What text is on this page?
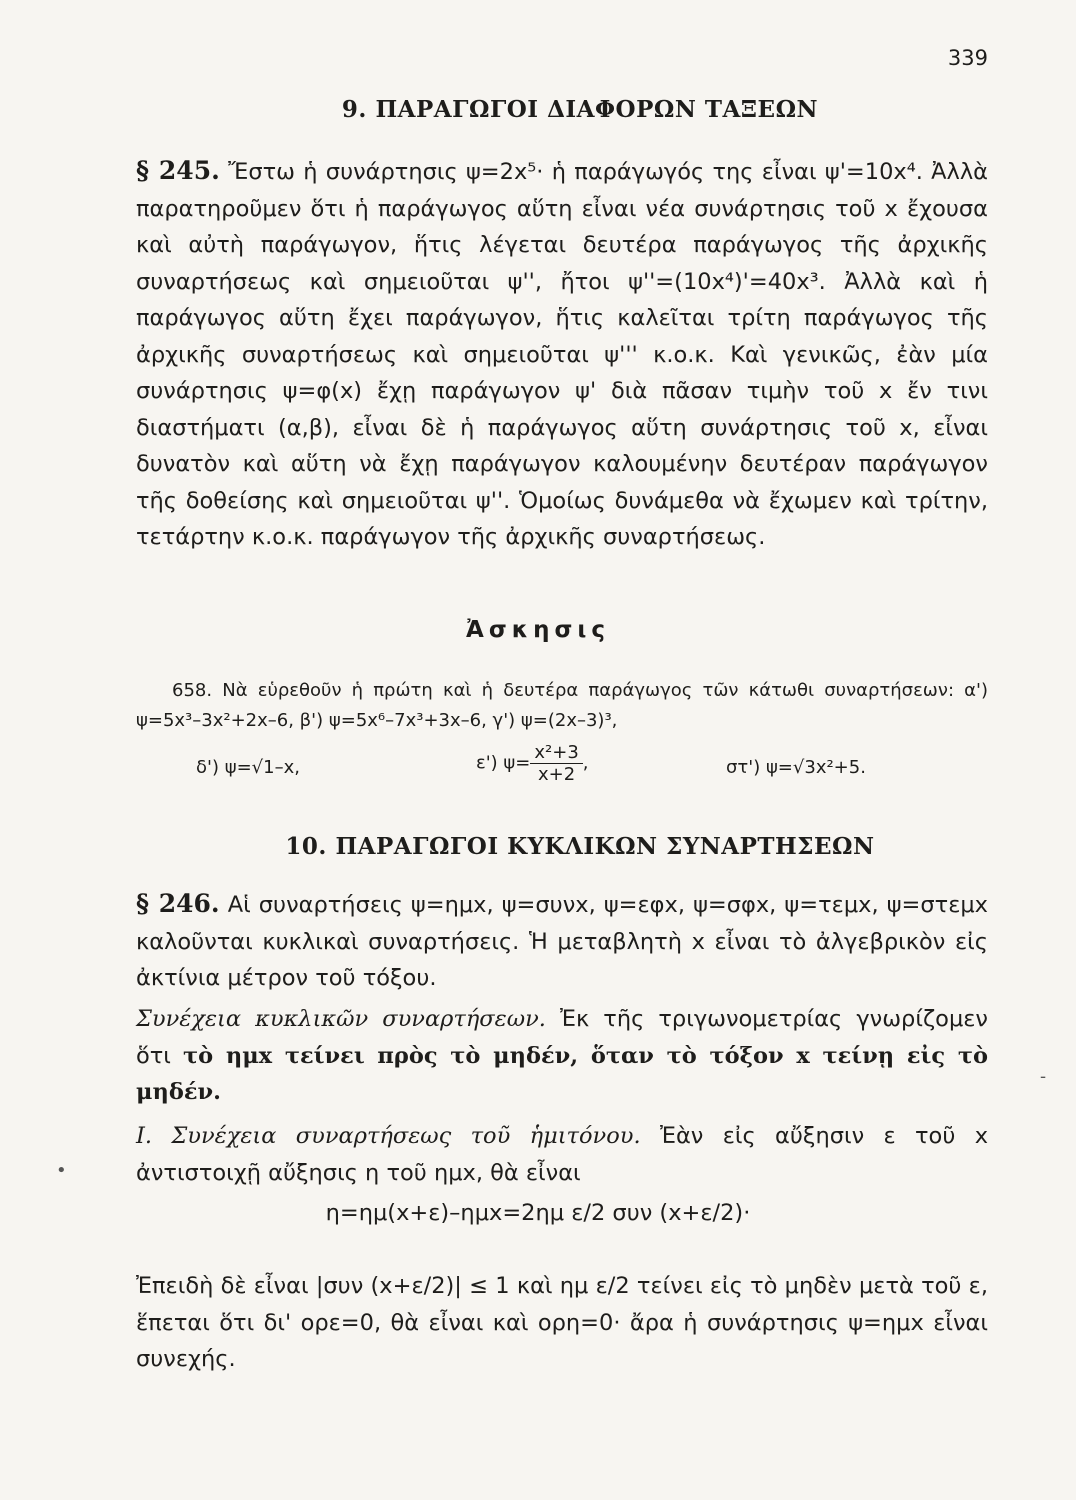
339
9. ΠΑΡΑΓΩΓΟΙ ΔΙΑΦΟΡΩΝ ΤΑΞΕΩΝ

§ 245. Ἔστω ἡ συνάρτησις ψ=2x⁵· ἡ παράγωγός της εἶναι ψ'=10x⁴. Ἀλλὰ παρατηροῦμεν ὅτι ἡ παράγωγος αὕτη εἶναι νέα συνάρτησις τοῦ x ἔχουσα καὶ αὐτὴ παράγωγον, ἥτις λέγεται δευτέρα παράγωγος τῆς ἀρχικῆς συναρτήσεως καὶ σημειοῦται ψ'', ἤτοι ψ''=(10x⁴)'=40x³. Ἀλλὰ καὶ ἡ παράγωγος αὕτη ἔχει παράγωγον, ἥτις καλεῖται τρίτη παράγωγος τῆς ἀρχικῆς συναρτήσεως καὶ σημειοῦται ψ''' κ.ο.κ. Καὶ γενικῶς, ἐὰν μία συνάρτησις ψ=φ(x) ἔχῃ παράγωγον ψ' διὰ πᾶσαν τιμὴν τοῦ x ἔν τινι διαστήματι (α,β), εἶναι δὲ ἡ παράγωγος αὕτη συνάρτησις τοῦ x, εἶναι δυνατὸν καὶ αὕτη νὰ ἔχῃ παράγωγον καλουμένην δευτέραν παράγωγον τῆς δοθείσης καὶ σημειοῦται ψ''. Ὁμοίως δυνάμεθα νὰ ἔχωμεν καὶ τρίτην, τετάρτην κ.ο.κ. παράγωγον τῆς ἀρχικῆς συναρτήσεως.

Ἀσκησις

658. Νὰ εὑρεθοῦν ἡ πρώτη καὶ ἡ δευτέρα παράγωγος τῶν κάτωθι συναρτήσεων: α') ψ=5x³–3x²+2x–6, β') ψ=5x⁶–7x³+3x–6, γ') ψ=(2x–3)³,

δ') ψ=√1–x,	ε') $\psi= \frac{\text{x²+3}}{x+2}$ ,	στ') ψ=√3x²+5.
10. ΠΑΡΑΓΩΓΟΙ ΚΥΚΛΙΚΩΝ ΣΥΝΑΡΤΗΣΕΩΝ

§ 246. Αἱ συναρτήσεις ψ=ημx, ψ=συνx, ψ=εφx, ψ=σφx, ψ=τεμx, ψ=στεμx καλοῦνται κυκλικαὶ συναρτήσεις. Ἡ μεταβλητὴ x εἶναι τὸ ἀλγεβρικὸν εἰς ἀκτίνια μέτρον τοῦ τόξου.

Συνέχεια κυκλικῶν συναρτήσεων. Ἐκ τῆς τριγωνομετρίας γνωρίζομεν ὅτι τὸ ημx τείνει πρὸς τὸ μηδέν, ὅταν τὸ τόξον x τείνῃ εἰς τὸ μηδέν.

I. Συνέχεια συναρτήσεως τοῦ ἡμιτόνου. Ἐὰν εἰς αὔξησιν ε τοῦ x ἀντιστοιχῇ αὔξησις η τοῦ ημx, θὰ εἶναι

η=ημ(x+ε)–ημx=2ημ ε/2 συν (x+ε/2)·

Ἐπειδὴ δὲ εἶναι |συν (x+ε/2)| ≤ 1 καὶ ημ ε/2 τείνει εἰς τὸ μηδὲν μετὰ τοῦ ε, ἕπεται ὅτι δι' ορε=0, θὰ εἶναι καὶ ορη=0· ἄρα ἡ συνάρτησις ψ=ημx εἶναι συνεχής.

•
-
